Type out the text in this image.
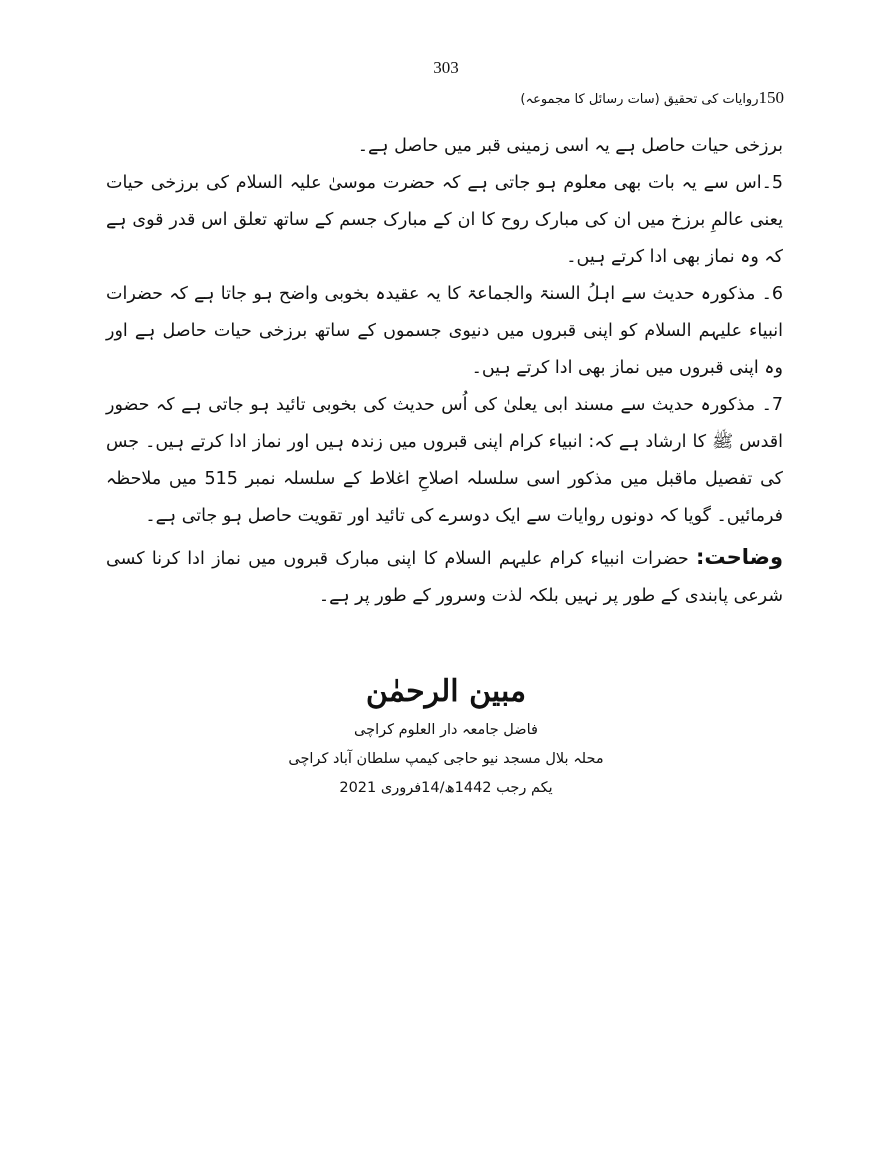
303
150روایات کی تحقیق (سات رسائل کا مجموعہ)

برزخی حیات حاصل ہے یہ اسی زمینی قبر میں حاصل ہے۔

5۔اس سے یہ بات بھی معلوم ہو جاتی ہے کہ حضرت موسیٰ علیہ السلام کی برزخی حیات یعنی عالمِ برزخ میں ان کی مبارک روح کا ان کے مبارک جسم کے ساتھ تعلق اس قدر قوی ہے کہ وہ نماز بھی ادا کرتے ہیں۔

6۔ مذکورہ حدیث سے اہلُ السنۃ والجماعۃ کا یہ عقیدہ بخوبی واضح ہو جاتا ہے کہ حضرات انبیاء علیہم السلام کو اپنی قبروں میں دنیوی جسموں کے ساتھ برزخی حیات حاصل ہے اور وہ اپنی قبروں میں نماز بھی ادا کرتے ہیں۔

7۔ مذکورہ حدیث سے مسند ابی یعلیٰ کی اُس حدیث کی بخوبی تائید ہو جاتی ہے کہ حضور اقدس ﷺ کا ارشاد ہے کہ: انبیاء کرام اپنی قبروں میں زندہ ہیں اور نماز ادا کرتے ہیں۔ جس کی تفصیل ماقبل میں مذکور اسی سلسلہ اصلاحِ اغلاط کے سلسلہ نمبر 515 میں ملاحظہ فرمائیں۔ گویا کہ دونوں روایات سے ایک دوسرے کی تائید اور تقویت حاصل ہو جاتی ہے۔

وضاحت: حضرات انبیاء کرام علیہم السلام کا اپنی مبارک قبروں میں نماز ادا کرنا کسی شرعی پابندی کے طور پر نہیں بلکہ لذت وسرور کے طور پر ہے۔

مبین الرحمٰن
فاضل جامعہ دار العلوم کراچی
محلہ بلال مسجد نیو حاجی کیمپ سلطان آباد کراچی
یکم رجب 1442ھ/14فروری 2021
